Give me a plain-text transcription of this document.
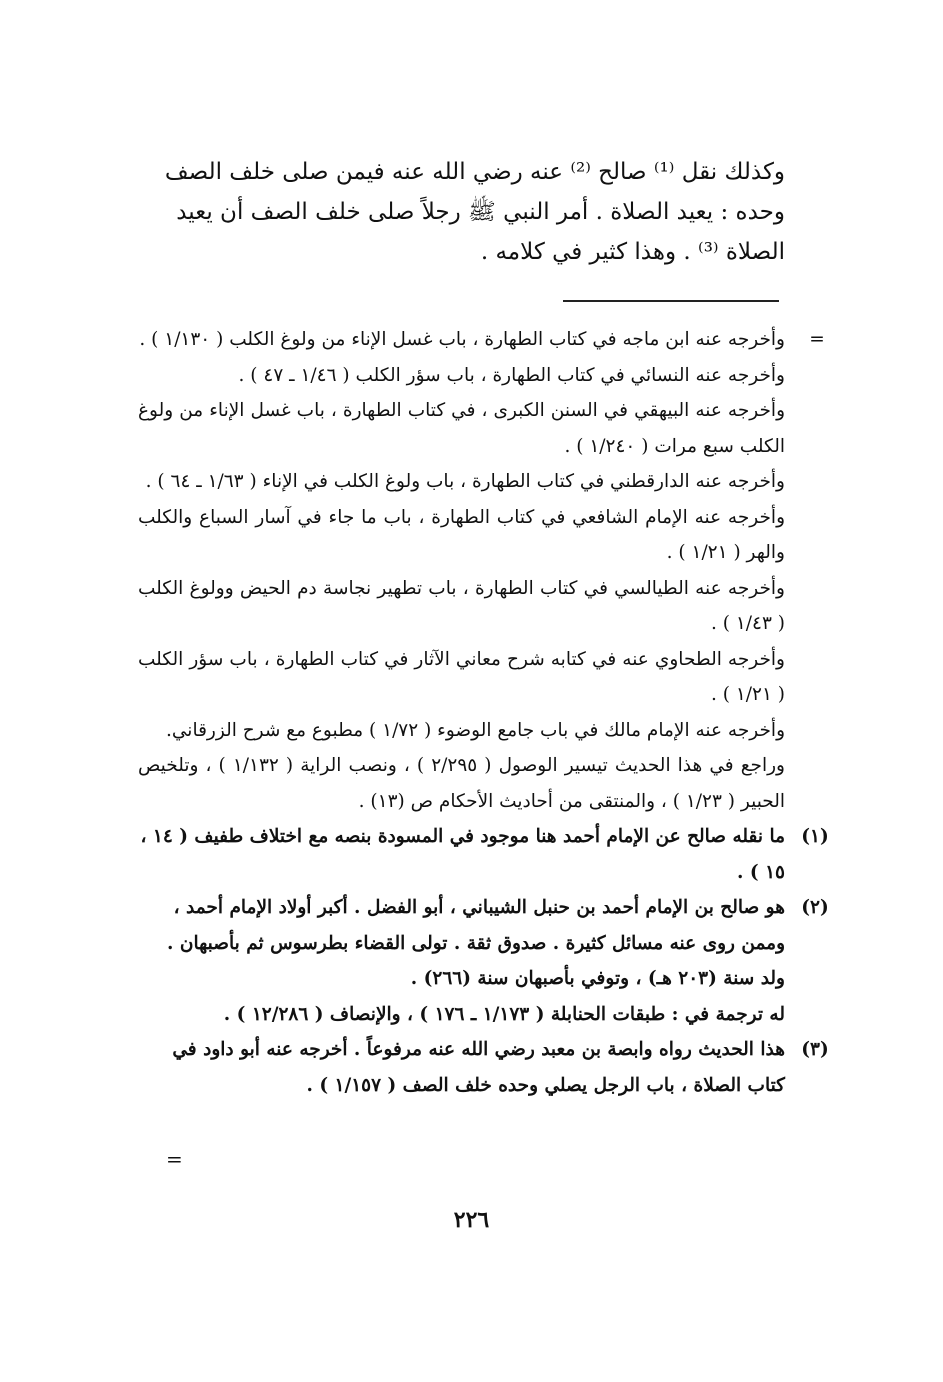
وكذلك نقل ⁽¹⁾ صالح ⁽²⁾ عنه رضي الله عنه فيمن صلى خلف الصف

وحده : يعيد الصلاة . أمر النبي ﷺ رجلاً صلى خلف الصف أن يعيد

الصلاة ⁽³⁾ . وهذا كثير في كلامه .

=

وأخرجه عنه ابن ماجه في كتاب الطهارة ، باب غسل الإناء من ولوغ الكلب ( ١/١٣٠ ) .

وأخرجه عنه النسائي في كتاب الطهارة ، باب سؤر الكلب ( ١/٤٦ ـ ٤٧ ) .

وأخرجه عنه البيهقي في السنن الكبرى ، في كتاب الطهارة ، باب غسل الإناء من ولوغ الكلب سبع مرات ( ١/٢٤٠ ) .

وأخرجه عنه الدارقطني في كتاب الطهارة ، باب ولوغ الكلب في الإناء ( ١/٦٣ ـ ٦٤ ) .

وأخرجه عنه الإمام الشافعي في كتاب الطهارة ، باب ما جاء في آسار السباع والكلب والهر ( ١/٢١ ) .

وأخرجه عنه الطيالسي في كتاب الطهارة ، باب تطهير نجاسة دم الحيض وولوغ الكلب ( ١/٤٣ ) .

وأخرجه الطحاوي عنه في كتابه شرح معاني الآثار في كتاب الطهارة ، باب سؤر الكلب ( ١/٢١ ) .

وأخرجه عنه الإمام مالك في باب جامع الوضوء ( ١/٧٢ ) مطبوع مع شرح الزرقاني.

وراجع في هذا الحديث تيسير الوصول ( ٢/٢٩٥ ) ، ونصب الراية ( ١/١٣٢ ) ، وتلخيص الحبير ( ١/٢٣ ) ، والمنتقى من أحاديث الأحكام ص (١٣) .

(١)

ما نقله صالح عن الإمام أحمد هنا موجود في المسودة بنصه مع اختلاف طفيف ( ١٤ ، ١٥ ) .

(٢)

هو صالح بن الإمام أحمد بن حنبل الشيباني ، أبو الفضل . أكبر أولاد الإمام أحمد ، وممن روى عنه مسائل كثيرة . صدوق ثقة . تولى القضاء بطرسوس ثم بأصبهان . ولد سنة (٢٠٣ هـ) ، وتوفي بأصبهان سنة (٢٦٦) .

له ترجمة في : طبقات الحنابلة ( ١/١٧٣ ـ ١٧٦ ) ، والإنصاف ( ١٢/٢٨٦ ) .

(٣)

هذا الحديث رواه وابصة بن معبد رضي الله عنه مرفوعاً . أخرجه عنه أبو داود في كتاب الصلاة ، باب الرجل يصلي وحده خلف الصف ( ١/١٥٧ ) .

=
٢٢٦
